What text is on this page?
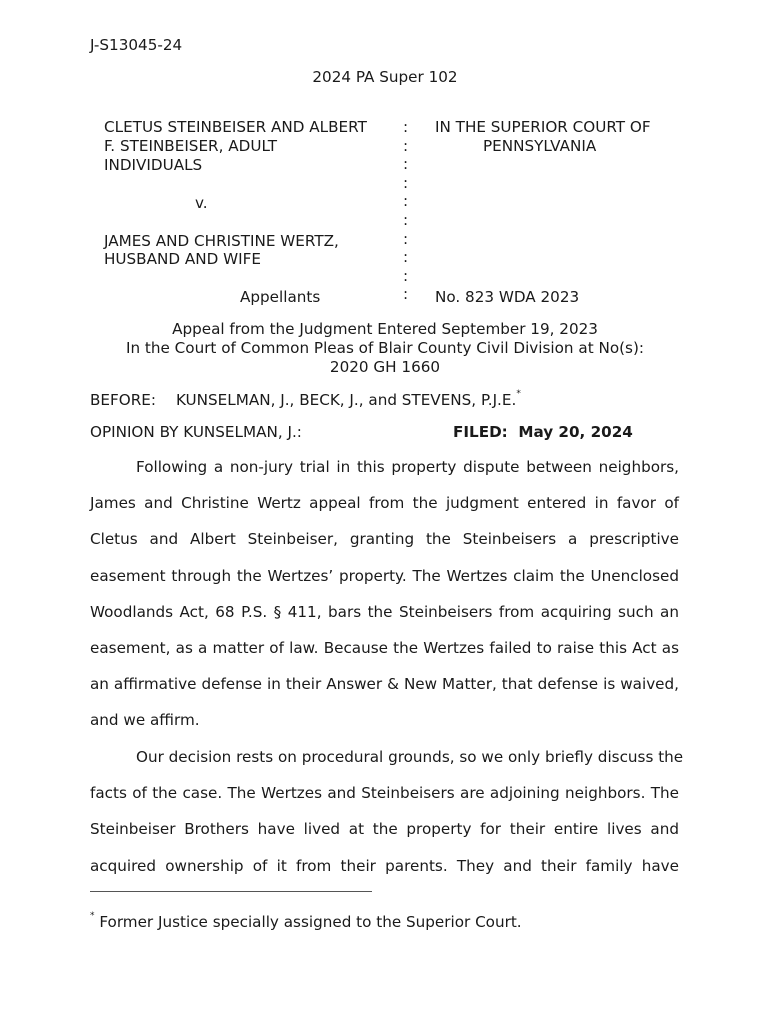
J-S13045-24
2024 PA Super 102
CLETUS STEINBEISER AND ALBERT
F. STEINBEISER, ADULT
INDIVIDUALS
v.
JAMES AND CHRISTINE WERTZ,
HUSBAND AND WIFE
Appellants
:
:
:
:
:
:
:
:
:
:
IN THE SUPERIOR COURT OF
PENNSYLVANIA
No. 823 WDA 2023
Appeal from the Judgment Entered September 19, 2023
In the Court of Common Pleas of Blair County Civil Division at No(s):
2020 GH 1660
BEFORE: KUNSELMAN, J., BECK, J., and STEVENS, P.J.E.*
OPINION BY KUNSELMAN, J.:	FILED:  May 20, 2024
Following a non-jury trial in this property dispute between neighbors,
James and Christine Wertz appeal from the judgment entered in favor of
Cletus and Albert Steinbeiser, granting the Steinbeisers a prescriptive
easement through the Wertzes’ property. The Wertzes claim the Unenclosed
Woodlands Act, 68 P.S. § 411, bars the Steinbeisers from acquiring such an
easement, as a matter of law. Because the Wertzes failed to raise this Act as
an affirmative defense in their Answer & New Matter, that defense is waived,
and we affirm.
Our decision rests on procedural grounds, so we only briefly discuss the
facts of the case. The Wertzes and Steinbeisers are adjoining neighbors. The
Steinbeiser Brothers have lived at the property for their entire lives and
acquired ownership of it from their parents. They and their family have
* Former Justice specially assigned to the Superior Court.
